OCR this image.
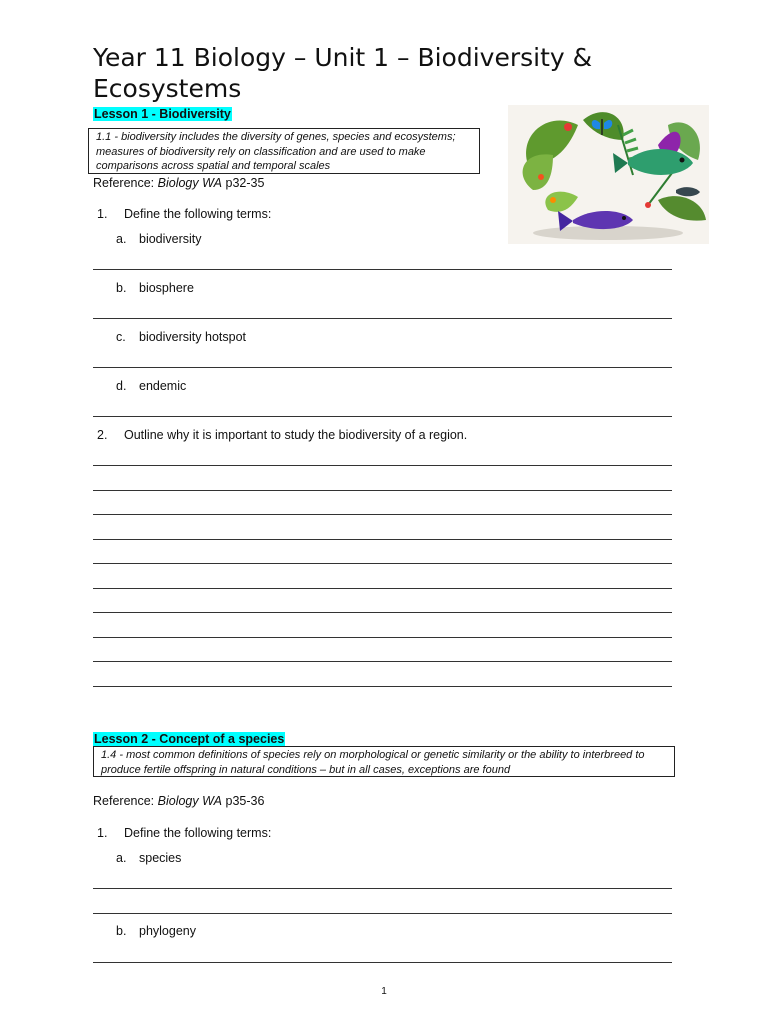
Year 11 Biology – Unit 1 – Biodiversity & Ecosystems
Lesson 1 - Biodiversity
1.1 - biodiversity includes the diversity of genes, species and ecosystems; measures of biodiversity rely on classification and are used to make comparisons across spatial and temporal scales
Reference: Biology WA p32-35
1. Define the following terms:
a. biodiversity
b. biosphere
c. biodiversity hotspot
d. endemic
2. Outline why it is important to study the biodiversity of a region.
Lesson 2 - Concept of a species
1.4 - most common definitions of species rely on morphological or genetic similarity or the ability to interbreed to produce fertile offspring in natural conditions – but in all cases, exceptions are found
Reference: Biology WA p35-36
1. Define the following terms:
a. species
b. phylogeny
1
